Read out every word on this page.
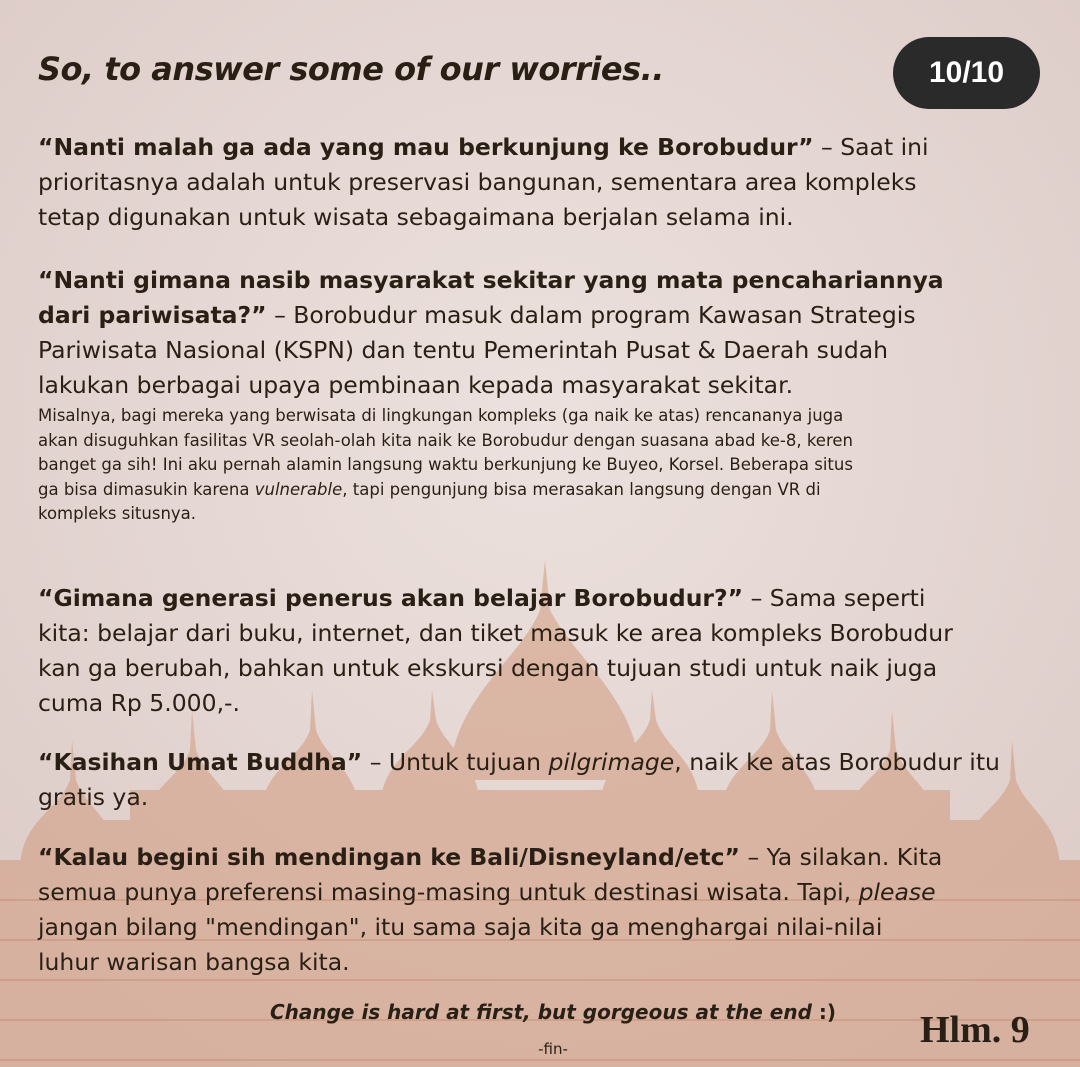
So, to answer some of our worries..	10/10

“Nanti malah ga ada yang mau berkunjung ke Borobudur” – Saat ini

prioritasnya adalah untuk preservasi bangunan, sementara area kompleks

tetap digunakan untuk wisata sebagaimana berjalan selama ini.

“Nanti gimana nasib masyarakat sekitar yang mata pencahariannya

dari pariwisata?” – Borobudur masuk dalam program Kawasan Strategis

Pariwisata Nasional (KSPN) dan tentu Pemerintah Pusat & Daerah sudah

lakukan berbagai upaya pembinaan kepada masyarakat sekitar.

Misalnya, bagi mereka yang berwisata di lingkungan kompleks (ga naik ke atas) rencananya juga

akan disuguhkan fasilitas VR seolah-olah kita naik ke Borobudur dengan suasana abad ke-8, keren

banget ga sih! Ini aku pernah alamin langsung waktu berkunjung ke Buyeo, Korsel. Beberapa situs

ga bisa dimasukin karena vulnerable, tapi pengunjung bisa merasakan langsung dengan VR di

kompleks situsnya.

“Gimana generasi penerus akan belajar Borobudur?” – Sama seperti

kita: belajar dari buku, internet, dan tiket masuk ke area kompleks Borobudur

kan ga berubah, bahkan untuk ekskursi dengan tujuan studi untuk naik juga

cuma Rp 5.000,-.

“Kasihan Umat Buddha” – Untuk tujuan pilgrimage, naik ke atas Borobudur itu

gratis ya.

“Kalau begini sih mendingan ke Bali/Disneyland/etc” – Ya silakan. Kita

semua punya preferensi masing-masing untuk destinasi wisata. Tapi, please

jangan bilang "mendingan", itu sama saja kita ga menghargai nilai-nilai

luhur warisan bangsa kita.

Change is hard at first, but gorgeous at the end :)
-fin-	Hlm. 9
